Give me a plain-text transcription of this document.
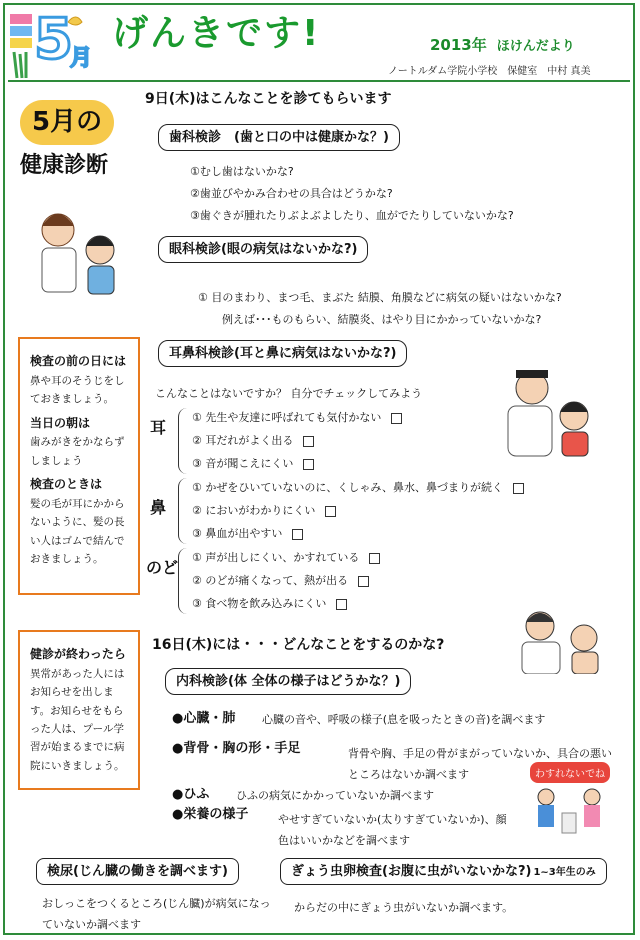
5
月
げんきです!	2013年 ほけんだより
ノートルダム学院小学校　保健室　中村 真美
5月の
健康診断
9日(木)はこんなことを診てもらいます
歯科検診　(歯と口の中は健康かな？)
①むし歯はないかな?
②歯並びやかみ合わせの具合はどうかな?
③歯ぐきが腫れたりぶよぶよしたり、血がでたりしていないかな?
眼科検診(眼の病気はないかな?)
① 目のまわり、まつ毛、まぶた 結膜、角膜などに病気の疑いはないかな?
例えば･･･ものもらい、結膜炎、はやり目にかかっていないかな?
検査の前の日には
鼻や耳のそうじをしておきましょう。
当日の朝は
歯みがきをかならずしましょう
検査のときは
髪の毛が耳にかからないように、髪の長い人はゴムで結んでおきましょう。
耳鼻科検診(耳と鼻に病気はないかな?)
こんなことはないですか？ 自分でチェックしてみよう
耳
① 先生や友達に呼ばれても気付かない
② 耳だれがよく出る
③ 音が聞こえにくい
鼻
① かぜをひいていないのに、くしゃみ、鼻水、鼻づまりが続く
② においがわかりにくい
③ 鼻血が出やすい
のど
① 声が出しにくい、かすれている
② のどが痛くなって、熱が出る
③ 食べ物を飲み込みにくい
健診が終わったら
異常があった人にはお知らせを出します。お知らせをもらった人は、プール学習が始まるまでに病院にいきましょう。
16日(木)には・・・どんなことをするのかな?
内科検診(体 全体の様子はどうかな？)
●心臓・肺 心臓の音や、呼吸の様子(息を吸ったときの音)を調べます
●背骨・胸の形・手足	背骨や胸、手足の骨がまがっていないか、具合の悪いところはないか調べます
●ひふ ひふの病気にかかっていないか調べます
●栄養の様子	やせすぎていないか(太りすぎていないか)、顔色はいいかなどを調べます
わすれないでね
検尿(じん臓の働きを調べます)
おしっこをつくるところ(じん臓)が病気になっていないか調べます
ぎょう虫卵検査(お腹に虫がいないかな?) 1~3年生のみ
からだの中にぎょう虫がいないか調べます。
